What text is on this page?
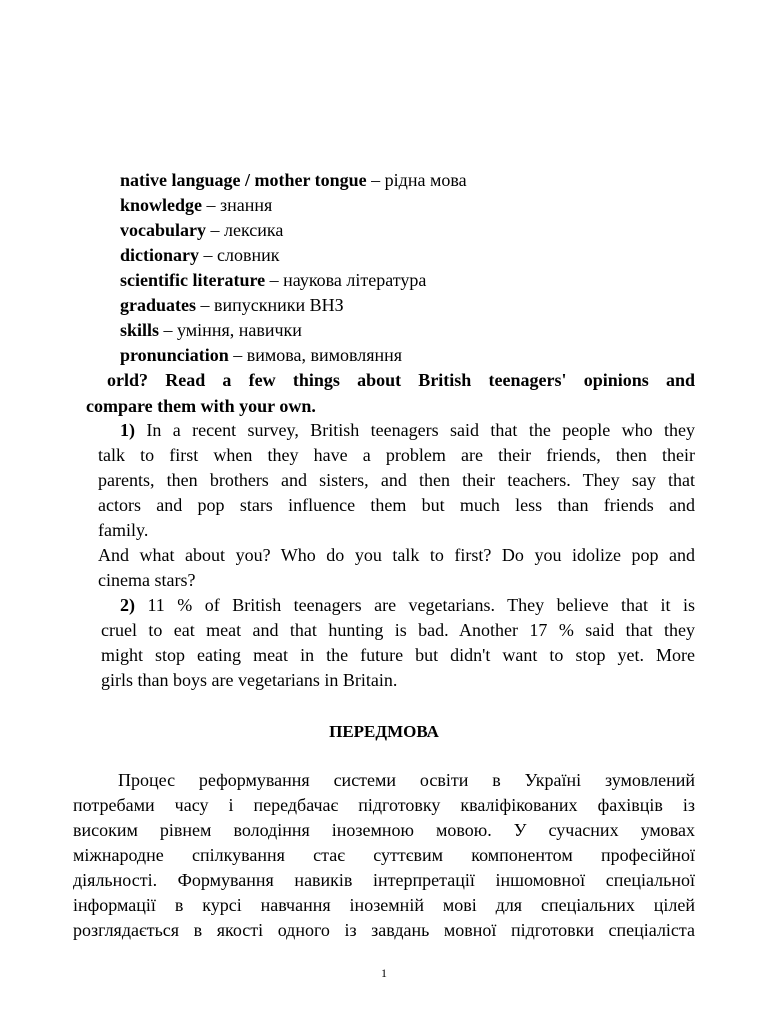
native language / mother tongue – рідна мова
knowledge – знання
vocabulary – лексика
dictionary – словник
scientific literature – наукова література
graduates – випускники ВНЗ
skills – уміння, навички
pronunciation – вимова, вимовляння
orld? Read a few things about British teenagers' opinions and
compare them with your own.
1) In a recent survey, British teenagers said that the people who they
talk to first when they have a problem are their friends, then their
parents, then brothers and sisters, and then their teachers. They say that
actors and pop stars influence them but much less than friends and
family.
And what about you? Who do you talk to first? Do you idolize pop and
cinema stars?
2) 11 % of British teenagers are vegetarians. They believe that it is
cruel to eat meat and that hunting is bad. Another 17 % said that they
might stop eating meat in the future but didn't want to stop yet. More
girls than boys are vegetarians in Britain.
ПЕРЕДМОВА
Процес реформування системи освіти в Україні зумовлений
потребами часу і передбачає підготовку кваліфікованих фахівців із
високим рівнем володіння іноземною мовою. У сучасних умовах
міжнародне спілкування стає суттєвим компонентом професійної
діяльності. Формування навиків інтерпретації іншомовної спеціальної
інформації в курсі навчання іноземній мові для спеціальних цілей
розглядається в якості одного із завдань мовної підготовки спеціаліста
1
